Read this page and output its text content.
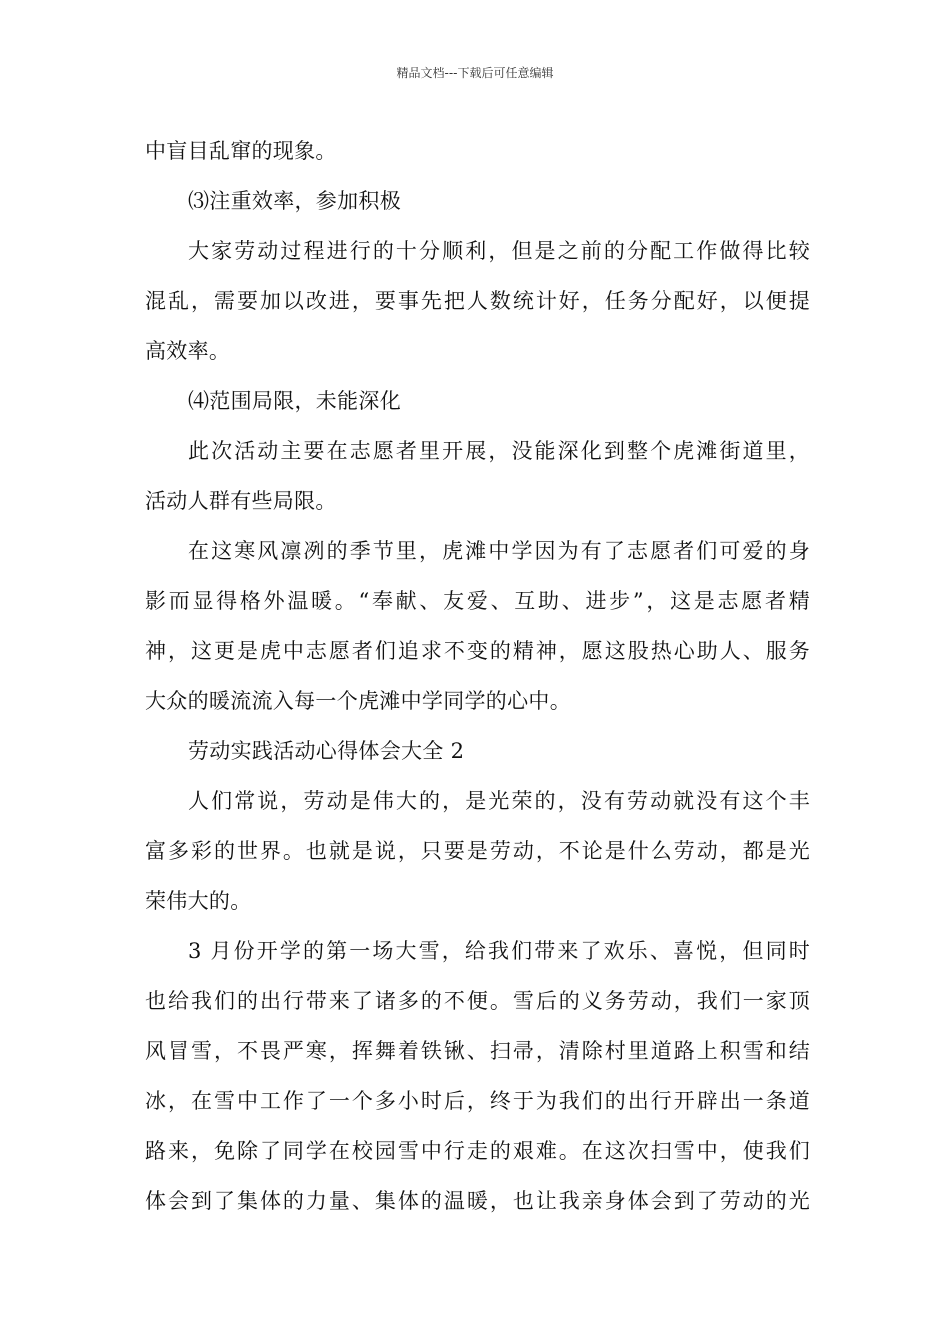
精品文档---下载后可任意编辑
中盲目乱窜的现象。
⑶注重效率，参加积极
大家劳动过程进行的十分顺利，但是之前的分配工作做得比较
混乱，需要加以改进，要事先把人数统计好，任务分配好，以便提
高效率。
⑷范围局限，未能深化
此次活动主要在志愿者里开展，没能深化到整个虎滩街道里，
活动人群有些局限。
在这寒风凛冽的季节里，虎滩中学因为有了志愿者们可爱的身
影而显得格外温暖。“奉献、友爱、互助、进步”，这是志愿者精
神，这更是虎中志愿者们追求不变的精神，愿这股热心助人、服务
大众的暖流流入每一个虎滩中学同学的心中。
劳动实践活动心得体会大全 2
人们常说，劳动是伟大的，是光荣的，没有劳动就没有这个丰
富多彩的世界。也就是说，只要是劳动，不论是什么劳动，都是光
荣伟大的。
3 月份开学的第一场大雪，给我们带来了欢乐、喜悦，但同时
也给我们的出行带来了诸多的不便。雪后的义务劳动，我们一家顶
风冒雪，不畏严寒，挥舞着铁锹、扫帚，清除村里道路上积雪和结
冰，在雪中工作了一个多小时后，终于为我们的出行开辟出一条道
路来，免除了同学在校园雪中行走的艰难。在这次扫雪中，使我们
体会到了集体的力量、集体的温暖，也让我亲身体会到了劳动的光
